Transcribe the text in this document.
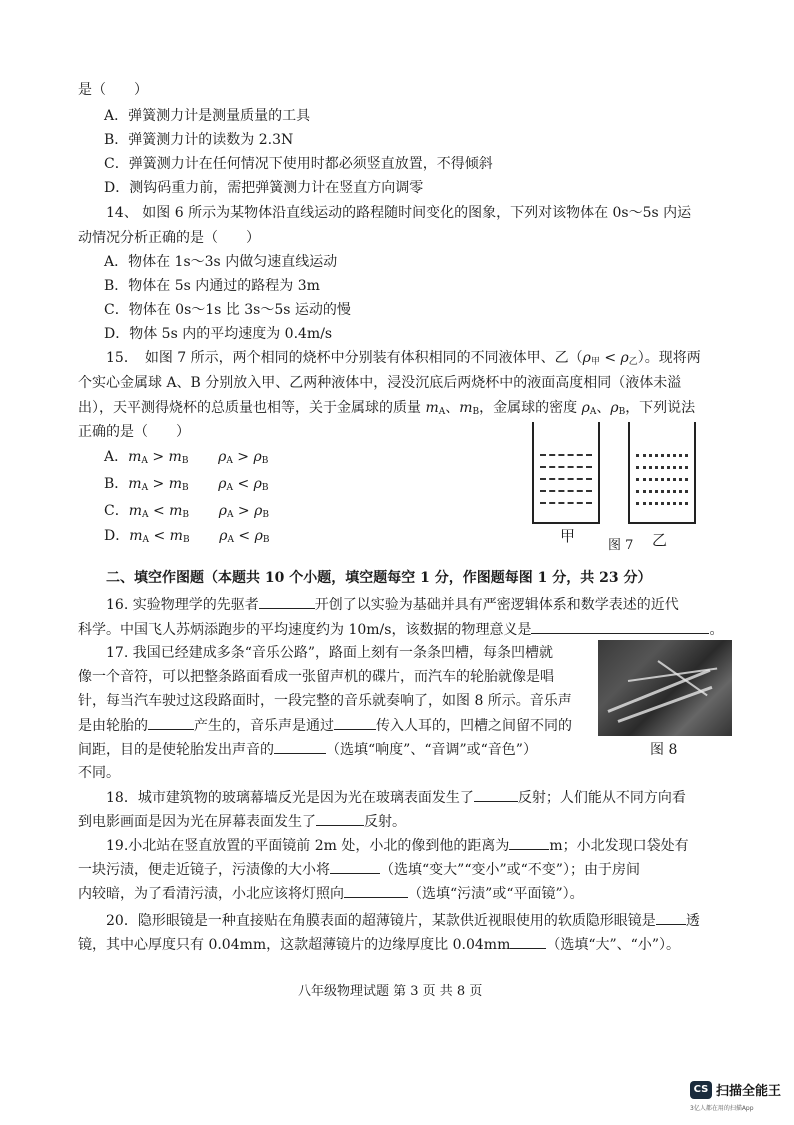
是（　　）
A．弹簧测力计是测量质量的工具
B．弹簧测力计的读数为 2.3N
C．弹簧测力计在任何情况下使用时都必须竖直放置，不得倾斜
D．测钩码重力前，需把弹簧测力计在竖直方向调零
14、 如图 6 所示为某物体沿直线运动的路程随时间变化的图象，下列对该物体在 0s～5s 内运
动情况分析正确的是（　　）
A．物体在 1s～3s 内做匀速直线运动
B．物体在 5s 内通过的路程为 3m
C．物体在 0s～1s 比 3s～5s 运动的慢
D．物体 5s 内的平均速度为 0.4m/s
15．　如图 7 所示，两个相同的烧杯中分别装有体积相同的不同液体甲、乙$(\rho_甲 < \rho_乙)$。现将两
个实心金属球 A、B 分别放入甲、乙两种液体中，浸没沉底后两烧杯中的液面高度相同（液体未溢
出），天平测得烧杯的总质量也相等，关于金属球的质量 $m_A$、$m_B$，金属球的密度 $\rho_A$、$\rho_B$，下列说法
正确的是（　　）
A．$m_A > m_B$ $\rho_A > \rho_B$
B．$m_A > m_B$ $\rho_A < \rho_B$
C．$m_A < m_B$ $\rho_A > \rho_B$
D．$m_A < m_B$ $\rho_A < \rho_B$	甲
图 7 乙
二、填空作图题（本题共 10 个小题，填空题每空 1 分，作图题每图 1 分，共 23 分）
16. 实验物理学的先驱者	开创了以实验为基础并具有严密逻辑体系和数学表述的近代
科学。中国飞人苏炳添跑步的平均速度约为 10m/s，该数据的物理意义是	。
17. 我国已经建成多条“音乐公路”，路面上刻有一条条凹槽，每条凹槽就
像一个音符，可以把整条路面看成一张留声机的碟片，而汽车的轮胎就像是唱
针，每当汽车驶过这段路面时，一段完整的音乐就奏响了，如图 8 所示。音乐声
是由轮胎的	产生的，音乐声是通过	传入人耳的，凹槽之间留不同的
间距，目的是使轮胎发出声音的	（选填“响度”、“音调”或“音色”）
不同。
图 8
18．城市建筑物的玻璃幕墙反光是因为光在玻璃表面发生了	反射；人们能从不同方向看
到电影画面是因为光在屏幕表面发生了	反射。
19.小北站在竖直放置的平面镜前 2m 处，小北的像到他的距离为	m；小北发现口袋处有
一块污渍，便走近镜子，污渍像的大小将	（选填“变大”“变小”或“不变”）；由于房间
内较暗，为了看清污渍，小北应该将灯照向	（选填“污渍”或“平面镜”）。
20．隐形眼镜是一种直接贴在角膜表面的超薄镜片，某款供近视眼使用的软质隐形眼镜是 透
镜，其中心厚度只有 0.04mm，这款超薄镜片的边缘厚度比 0.04mm	（选填“大”、“小”）。
八年级物理试题 第 3 页 共 8 页
CS 扫描全能王
3亿人都在用的扫描App
